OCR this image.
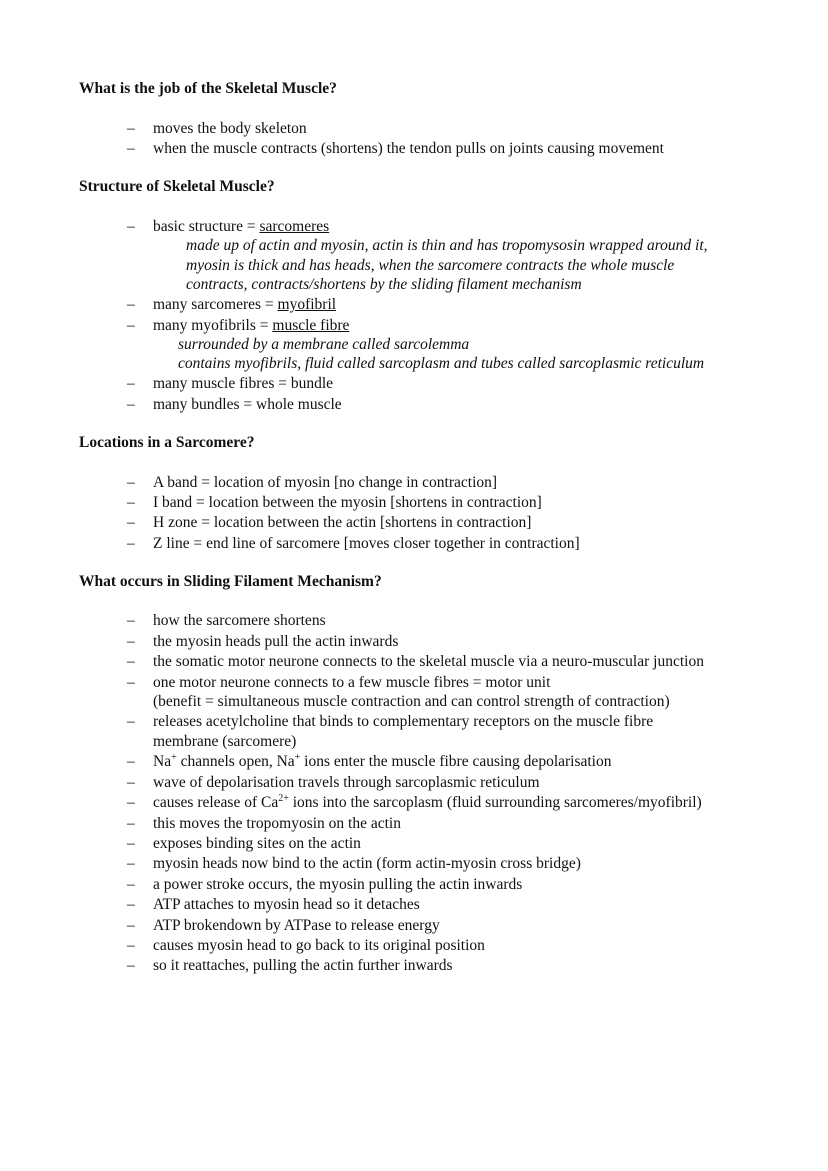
What is the job of the Skeletal Muscle?
– moves the body skeleton
– when the muscle contracts (shortens) the tendon pulls on joints causing movement
Structure of Skeletal Muscle?
– basic structure = sarcomeres
made up of actin and myosin, actin is thin and has tropomysosin wrapped around it,
myosin is thick and has heads, when the sarcomere contracts the whole muscle
contracts, contracts/shortens by the sliding filament mechanism
– many sarcomeres = myofibril
– many myofibrils = muscle fibre
surrounded by a membrane called sarcolemma
contains myofibrils, fluid called sarcoplasm and tubes called sarcoplasmic reticulum
– many muscle fibres = bundle
– many bundles = whole muscle
Locations in a Sarcomere?
– A band = location of myosin [no change in contraction]
– I band = location between the myosin [shortens in contraction]
– H zone = location between the actin [shortens in contraction]
– Z line = end line of sarcomere [moves closer together in contraction]
What occurs in Sliding Filament Mechanism?
– how the sarcomere shortens
– the myosin heads pull the actin inwards
– the somatic motor neurone connects to the skeletal muscle via a neuro-muscular junction
– one motor neurone connects to a few muscle fibres = motor unit
(benefit = simultaneous muscle contraction and can control strength of contraction)
– releases acetylcholine that binds to complementary receptors on the muscle fibre
membrane (sarcomere)
– Na+ channels open, Na+ ions enter the muscle fibre causing depolarisation
– wave of depolarisation travels through sarcoplasmic reticulum
– causes release of $Ca^{2+}$ ions into the sarcoplasm (fluid surrounding sarcomeres/myofibril)
– this moves the tropomyosin on the actin
– exposes binding sites on the actin
– myosin heads now bind to the actin (form actin-myosin cross bridge)
– a power stroke occurs, the myosin pulling the actin inwards
– ATP attaches to myosin head so it detaches
– ATP brokendown by ATPase to release energy
– causes myosin head to go back to its original position
– so it reattaches, pulling the actin further inwards
